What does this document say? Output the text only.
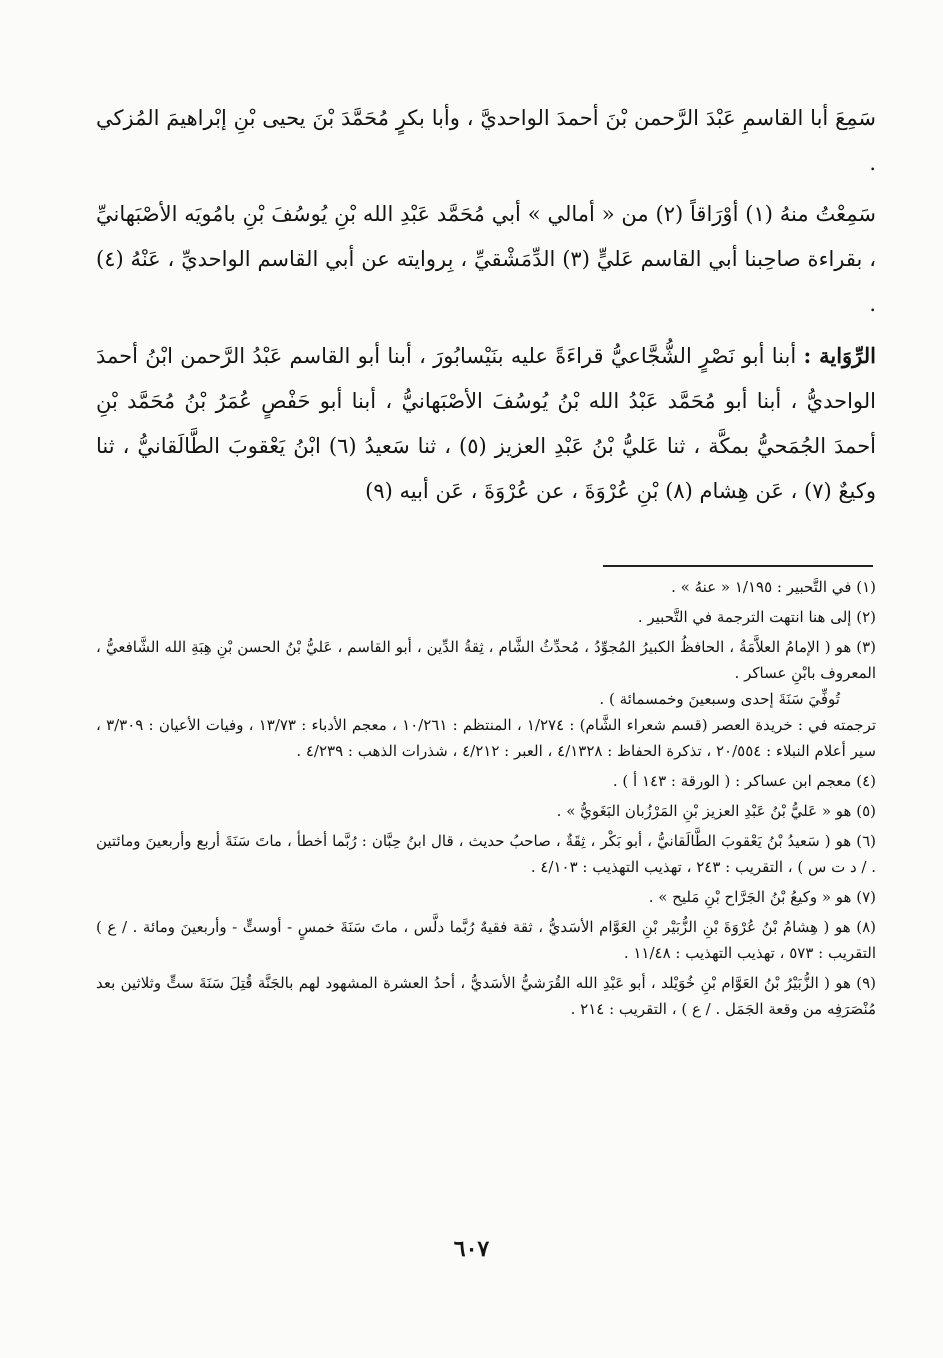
سَمِعَ أبا القاسمِ عَبْدَ الرَّحمن بْنَ أحمدَ الواحديَّ ، وأبا بكرٍ مُحَمَّدَ بْنَ يحيى بْنِ إبْراهيمَ المُزكي .

سَمِعْتُ منهُ (١) أوْرَاقاً (٢) من « أمالي » أبي مُحَمَّد عَبْدِ الله بْنِ يُوسُفَ بْنِ بامُويَه الأصْبَهانيِّ ، بقراءة صاحِبنا أبي القاسم عَليٍّ (٣) الدِّمَشْقيِّ ، بِروايته عن أبي القاسم الواحديِّ ، عَنْهُ (٤) .

الرِّوَاية : أبنا أبو نَصْرٍ الشُّجَّاعيُّ قراءَةً عليه بنَيْسابُورَ ، أبنا أبو القاسم عَبْدُ الرَّحمن ابْنُ أحمدَ الواحديُّ ، أبنا أبو مُحَمَّد عَبْدُ الله بْنُ يُوسُفَ الأصْبَهانيُّ ، أبنا أبو حَفْصٍ عُمَرُ بْنُ مُحَمَّد بْنِ أحمدَ الجُمَحيُّ بمكَّة ، ثنا عَليُّ بْنُ عَبْدِ العزيز (٥) ، ثنا سَعيدُ (٦) ابْنُ يَعْقوبَ الطَّالَقانيُّ ، ثنا وكيعٌ (٧) ، عَن هِشام (٨) بْنِ عُرْوَةَ ، عن عُرْوَةَ ، عَن أبيه (٩)

(١) في التَّحبير : ١/١٩٥ « عنهُ » .
(٢) إلى هنا انتهت الترجمة في التَّحبير .
(٣) هو ( الإمامُ العلاَّمَةُ ، الحافظُ الكبيرُ المُجوِّدُ ، مُحدِّثُ الشَّام ، ثِقةُ الدِّين ، أبو القاسم ، عَليُّ بْنُ الحسن بْنِ هِبَةِ الله الشَّافعيُّ ، المعروف بابْنِ عساكر .
تُوفِّيَ سَنَةَ إحدى وسبعينَ وخمسمائة ) .
ترجمته في : خريدة العصر (قسم شعراء الشَّام) : ١/٢٧٤ ، المنتظم : ١٠/٢٦١ ، معجم الأدباء : ١٣/٧٣ ، وفيات الأعيان : ٣/٣٠٩ ، سير أعلام النبلاء : ٢٠/٥٥٤ ، تذكرة الحفاظ : ٤/١٣٢٨ ، العبر : ٤/٢١٢ ، شذرات الذهب : ٤/٢٣٩ .
(٤) معجم ابن عساكر : ( الورقة : ١٤٣ أ ) .
(٥) هو « عَليُّ بْنُ عَبْدِ العزيز بْنِ المَرْزُبان البَغَويُّ » .
(٦) هو ( سَعيدُ بْنُ يَعْقوبَ الطَّالَقانيُّ ، أبو بَكْر ، ثِقَةٌ ، صاحبُ حديث ، قال ابنُ حِبَّان : رُبَّما أخطأ ، ماتَ سَنَةَ أربع وأربعينَ ومائتين . / د ت س ) ، التقريب : ٢٤٣ ، تهذيب التهذيب : ٤/١٠٣ .
(٧) هو « وكيعُ بْنُ الجَرَّاح بْنِ مَليح » .
(٨) هو ( هِشامُ بْنُ عُرْوَةَ بْنِ الزُّبَيْر بْنِ العَوَّام الأسَديُّ ، ثقة فقيهٌ رُبَّما دلَّس ، ماتَ سَنَةَ خمسٍ - أوستٍّ - وأربعينَ ومائة . / ع ) التقريب : ٥٧٣ ، تهذيب التهذيب : ١١/٤٨ .
(٩) هو ( الزُّبَيْرُ بْنُ العَوَّام بْنِ خُوَيْلد ، أبو عَبْدِ الله القُرَشيُّ الأسَديُّ ، أحدُ العشرة المشهود لهم بالجَنَّة قُتِلَ سَنَةَ ستٍّ وثلاثين بعد مُنْصَرَفِه من وقعة الجَمَل . / ع ) ، التقريب : ٢١٤ .
٦٠٧
